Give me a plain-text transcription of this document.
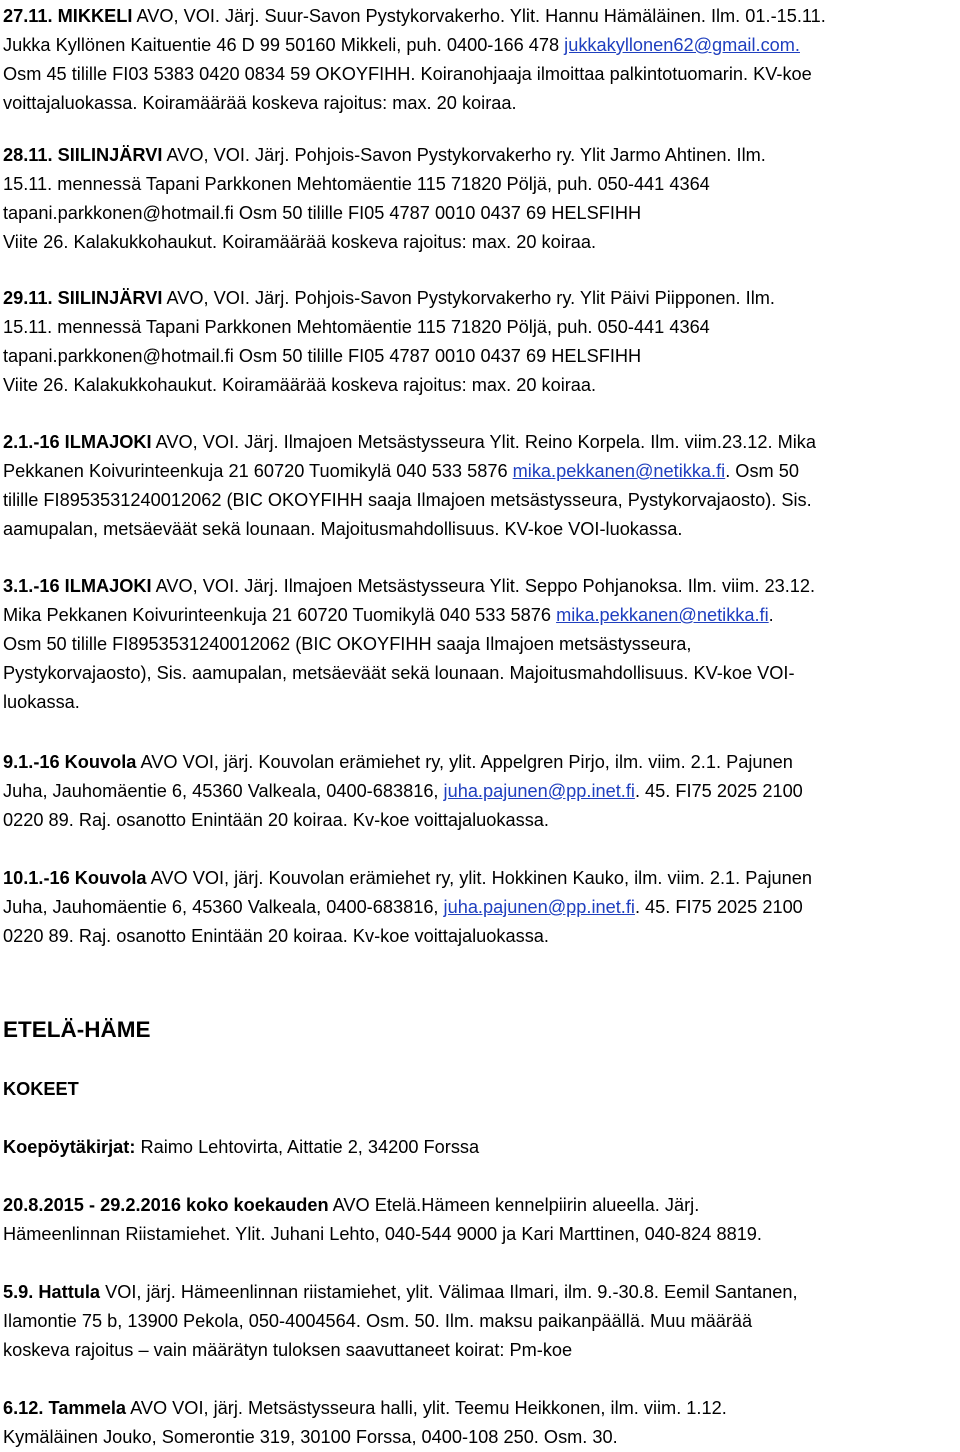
27.11. MIKKELI AVO, VOI. Järj. Suur-Savon Pystykorvakerho. Ylit. Hannu Hämäläinen. Ilm. 01.-15.11.

Jukka Kyllönen Kaituentie 46 D 99 50160 Mikkeli, puh. 0400-166 478 jukkakyllonen62@gmail.com.

Osm 45 tilille FI03 5383 0420 0834 59 OKOYFIHH. Koiranohjaaja ilmoittaa palkintotuomarin. KV-koe

voittajaluokassa. Koiramäärää koskeva rajoitus: max. 20 koiraa.

28.11. SIILINJÄRVI AVO, VOI. Järj. Pohjois-Savon Pystykorvakerho ry. Ylit Jarmo Ahtinen. Ilm.

15.11. mennessä Tapani Parkkonen Mehtomäentie 115 71820 Pöljä, puh. 050-441 4364

tapani.parkkonen@hotmail.fi Osm 50 tilille FI05 4787 0010 0437 69 HELSFIHH

Viite 26. Kalakukkohaukut. Koiramäärää koskeva rajoitus: max. 20 koiraa.

29.11. SIILINJÄRVI AVO, VOI. Järj. Pohjois-Savon Pystykorvakerho ry. Ylit Päivi Piipponen. Ilm.

15.11. mennessä Tapani Parkkonen Mehtomäentie 115 71820 Pöljä, puh. 050-441 4364

tapani.parkkonen@hotmail.fi Osm 50 tilille FI05 4787 0010 0437 69 HELSFIHH

Viite 26. Kalakukkohaukut. Koiramäärää koskeva rajoitus: max. 20 koiraa.

2.1.-16 ILMAJOKI AVO, VOI. Järj. Ilmajoen Metsästysseura Ylit. Reino Korpela. Ilm. viim.23.12. Mika

Pekkanen Koivurinteenkuja 21 60720 Tuomikylä 040 533 5876 mika.pekkanen@netikka.fi. Osm 50

tilille FI8953531240012062 (BIC OKOYFIHH saaja Ilmajoen metsästysseura, Pystykorvajaosto). Sis.

aamupalan, metsäeväät sekä lounaan. Majoitusmahdollisuus. KV-koe VOI-luokassa.

3.1.-16 ILMAJOKI AVO, VOI. Järj. Ilmajoen Metsästysseura Ylit. Seppo Pohjanoksa. Ilm. viim. 23.12.

Mika Pekkanen Koivurinteenkuja 21 60720 Tuomikylä 040 533 5876 mika.pekkanen@netikka.fi.

Osm 50 tilille FI8953531240012062 (BIC OKOYFIHH saaja Ilmajoen metsästysseura,

Pystykorvajaosto), Sis. aamupalan, metsäeväät sekä lounaan. Majoitusmahdollisuus. KV-koe VOI-

luokassa.

9.1.-16 Kouvola AVO VOI, järj. Kouvolan erämiehet ry, ylit. Appelgren Pirjo, ilm. viim. 2.1. Pajunen

Juha, Jauhomäentie 6, 45360 Valkeala, 0400-683816, juha.pajunen@pp.inet.fi. 45. FI75 2025 2100

0220 89. Raj. osanotto Enintään 20 koiraa. Kv-koe voittajaluokassa.

10.1.-16 Kouvola AVO VOI, järj. Kouvolan erämiehet ry, ylit. Hokkinen Kauko, ilm. viim. 2.1. Pajunen

Juha, Jauhomäentie 6, 45360 Valkeala, 0400-683816, juha.pajunen@pp.inet.fi. 45. FI75 2025 2100

0220 89. Raj. osanotto Enintään 20 koiraa. Kv-koe voittajaluokassa.

ETELÄ-HÄME
KOKEET

Koepöytäkirjat: Raimo Lehtovirta, Aittatie 2, 34200 Forssa

20.8.2015 - 29.2.2016 koko koekauden AVO Etelä.Hämeen kennelpiirin alueella. Järj.

Hämeenlinnan Riistamiehet. Ylit. Juhani Lehto, 040-544 9000 ja Kari Marttinen, 040-824 8819.

5.9. Hattula VOI, järj. Hämeenlinnan riistamiehet, ylit. Välimaa Ilmari, ilm. 9.-30.8. Eemil Santanen,

Ilamontie 75 b, 13900 Pekola, 050-4004564. Osm. 50. Ilm. maksu paikanpäällä. Muu määrää

koskeva rajoitus – vain määrätyn tuloksen saavuttaneet koirat: Pm-koe

6.12. Tammela AVO VOI, järj. Metsästysseura halli, ylit. Teemu Heikkonen, ilm. viim. 1.12.

Kymäläinen Jouko, Somerontie 319, 30100 Forssa, 0400-108 250. Osm. 30.
